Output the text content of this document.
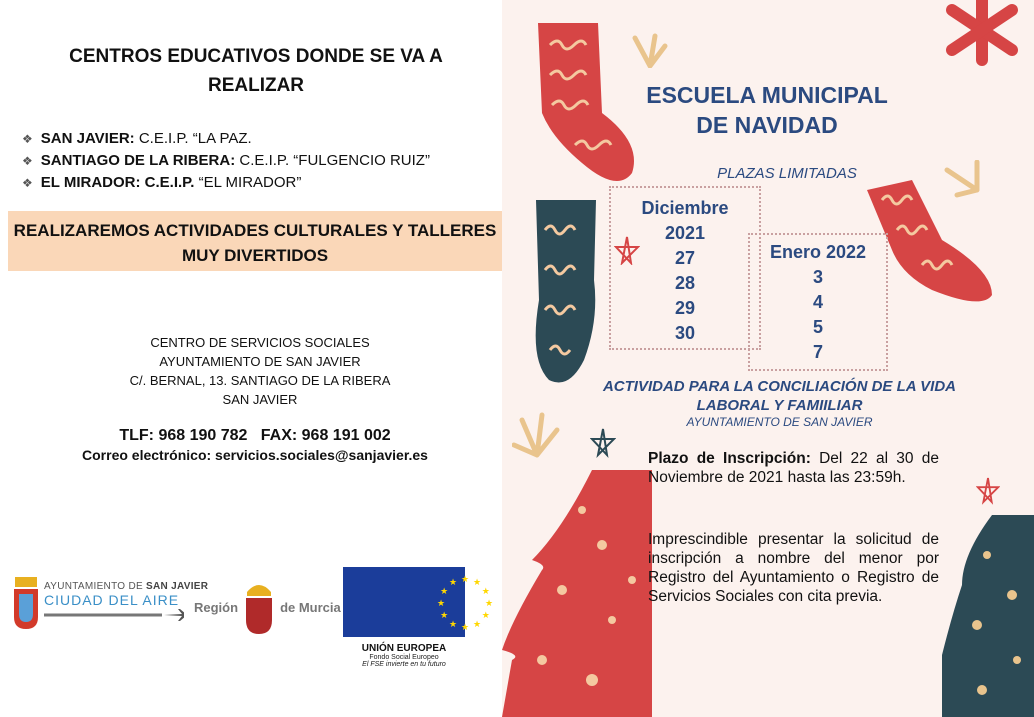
CENTROS EDUCATIVOS DONDE SE VA A REALIZAR
❖ SAN JAVIER: C.E.I.P. “LA PAZ.
❖ SANTIAGO DE LA RIBERA: C.E.I.P. “FULGENCIO RUIZ”
❖ EL MIRADOR: C.E.I.P. “EL MIRADOR”
REALIZAREMOS ACTIVIDADES CULTURALES Y TALLERES MUY DIVERTIDOS
CENTRO DE SERVICIOS SOCIALES
AYUNTAMIENTO DE SAN JAVIER
C/. BERNAL, 13. SANTIAGO DE LA RIBERA
SAN JAVIER
TLF: 968 190 782   FAX: 968 191 002
Correo electrónico: servicios.sociales@sanjavier.es
AYUNTAMIENTO DE SAN JAVIER
CIUDAD DEL AIRE	Región	de Murcia	★
★
★
★
★
★
★
★
★ ★ ★
★
UNIÓN EUROPEA
Fondo Social Europeo
El FSE invierte en tu futuro
ESCUELA MUNICIPAL DE NAVIDAD
PLAZAS LIMITADAS
Diciembre
2021
27
28
29
30
Enero 2022
3
4
5
7
ACTIVIDAD PARA LA CONCILIACIÓN DE LA VIDA LABORAL Y FAMIILIAR
AYUNTAMIENTO DE SAN JAVIER
Plazo de Inscripción: Del 22 al 30 de Noviembre de 2021 hasta las 23:59h.
Imprescindible presentar la solicitud de inscripción a nombre del menor por Registro del Ayuntamiento o Registro de Servicios Sociales con cita previa.
